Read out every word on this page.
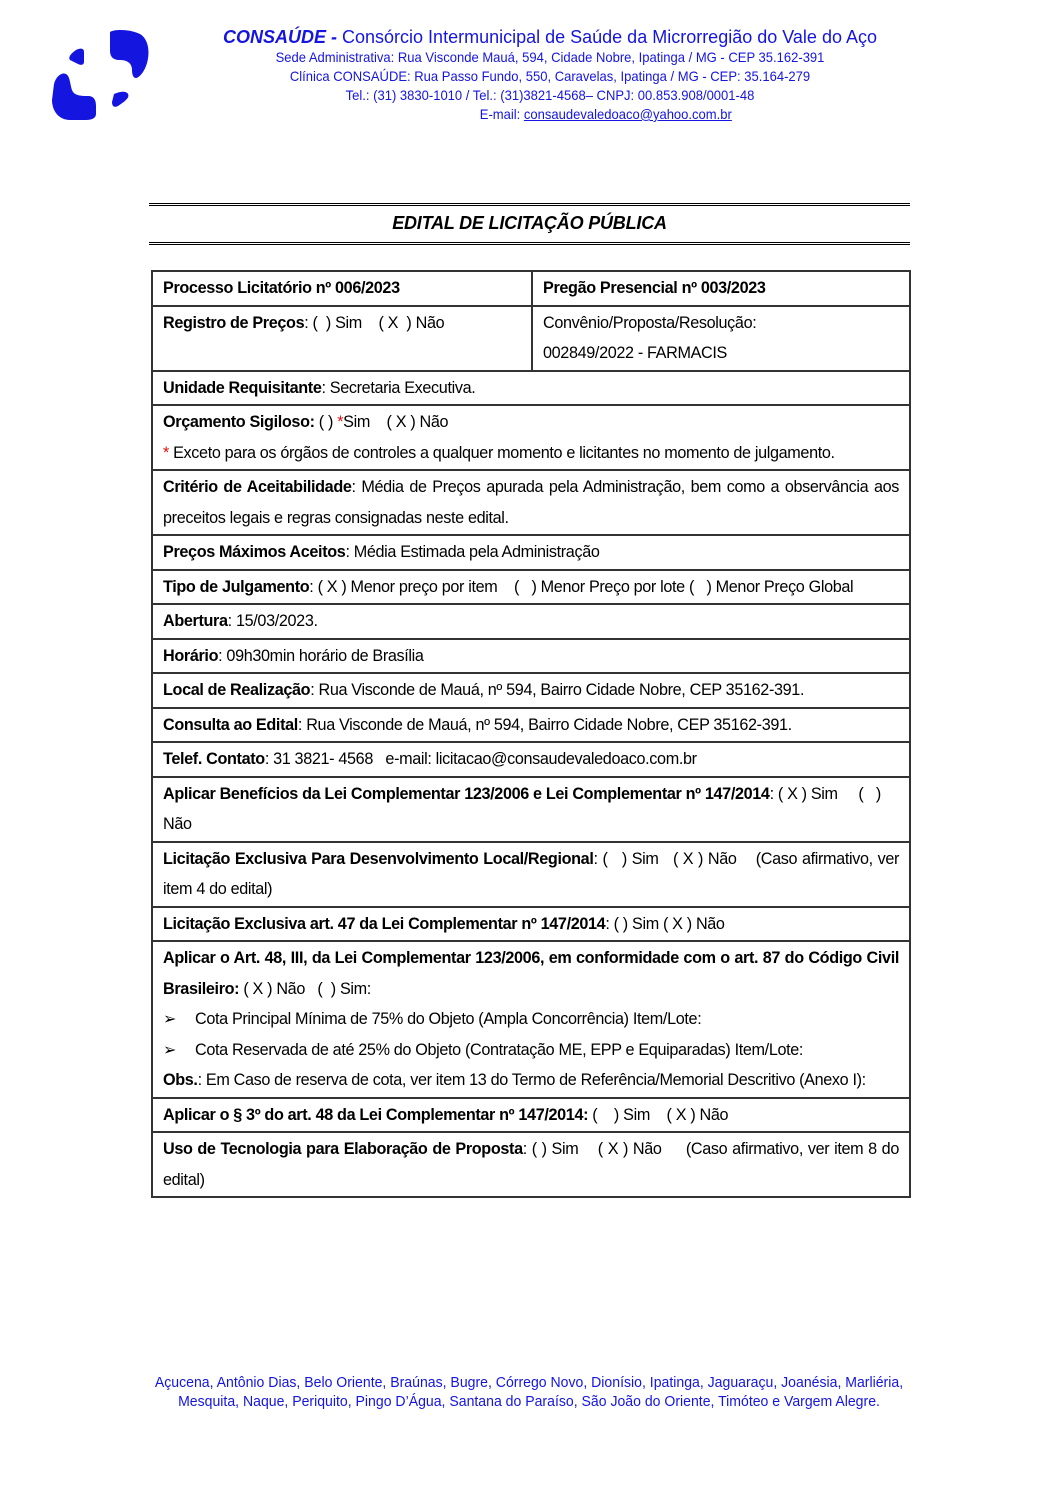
CONSAÚDE - Consórcio Intermunicipal de Saúde da Microrregião do Vale do Aço
Sede Administrativa: Rua Visconde Mauá, 594, Cidade Nobre, Ipatinga / MG - CEP 35.162-391
Clínica CONSAÚDE: Rua Passo Fundo, 550, Caravelas, Ipatinga / MG - CEP: 35.164-279
Tel.: (31) 3830-1010 / Tel.: (31)3821-4568– CNPJ: 00.853.908/0001-48
E-mail: consaudevaledoaco@yahoo.com.br
EDITAL DE LICITAÇÃO PÚBLICA
Processo Licitatório nº 006/2023	Pregão Presencial nº 003/2023
Registro de Preços: (  ) Sim    ( X  ) Não	Convênio/Proposta/Resolução:
002849/2022 - FARMACIS
Unidade Requisitante: Secretaria Executiva.
Orçamento Sigiloso: ( ) *Sim    ( X ) Não
* Exceto para os órgãos de controles a qualquer momento e licitantes no momento de julgamento.
Critério de Aceitabilidade: Média de Preços apurada pela Administração, bem como a observância aos preceitos legais e regras consignadas neste edital.
Preços Máximos Aceitos: Média Estimada pela Administração
Tipo de Julgamento: ( X ) Menor preço por item    (   ) Menor Preço por lote (   ) Menor Preço Global
Abertura: 15/03/2023.
Horário: 09h30min horário de Brasília
Local de Realização: Rua Visconde de Mauá, nº 594, Bairro Cidade Nobre, CEP 35162-391.
Consulta ao Edital: Rua Visconde de Mauá, nº 594, Bairro Cidade Nobre, CEP 35162-391.
Telef. Contato: 31 3821- 4568   e-mail: licitacao@consaudevaledoaco.com.br
Aplicar Benefícios da Lei Complementar 123/2006 e Lei Complementar nº 147/2014: ( X ) Sim     (   ) Não
Licitação Exclusiva Para Desenvolvimento Local/Regional: (   ) Sim   ( X ) Não    (Caso afirmativo, ver item 4 do edital)
Licitação Exclusiva art. 47 da Lei Complementar nº 147/2014: ( ) Sim ( X ) Não
Aplicar o Art. 48, III, da Lei Complementar 123/2006, em conformidade com o art. 87 do Código Civil Brasileiro: ( X ) Não   (  ) Sim:
➢	Cota Principal Mínima de 75% do Objeto (Ampla Concorrência) Item/Lote:
➢	Cota Reservada de até 25% do Objeto (Contratação ME, EPP e Equiparadas) Item/Lote:
Obs.: Em Caso de reserva de cota, ver item 13 do Termo de Referência/Memorial Descritivo (Anexo I):
Aplicar o § 3º do art. 48 da Lei Complementar nº 147/2014: (    ) Sim    ( X ) Não
Uso de Tecnologia para Elaboração de Proposta: ( ) Sim    ( X ) Não     (Caso afirmativo, ver item 8 do edital)
Açucena, Antônio Dias, Belo Oriente, Braúnas, Bugre, Córrego Novo, Dionísio, Ipatinga, Jaguaraçu, Joanésia, Marliéria,
Mesquita, Naque, Periquito, Pingo D’Água, Santana do Paraíso, São João do Oriente, Timóteo e Vargem Alegre.
